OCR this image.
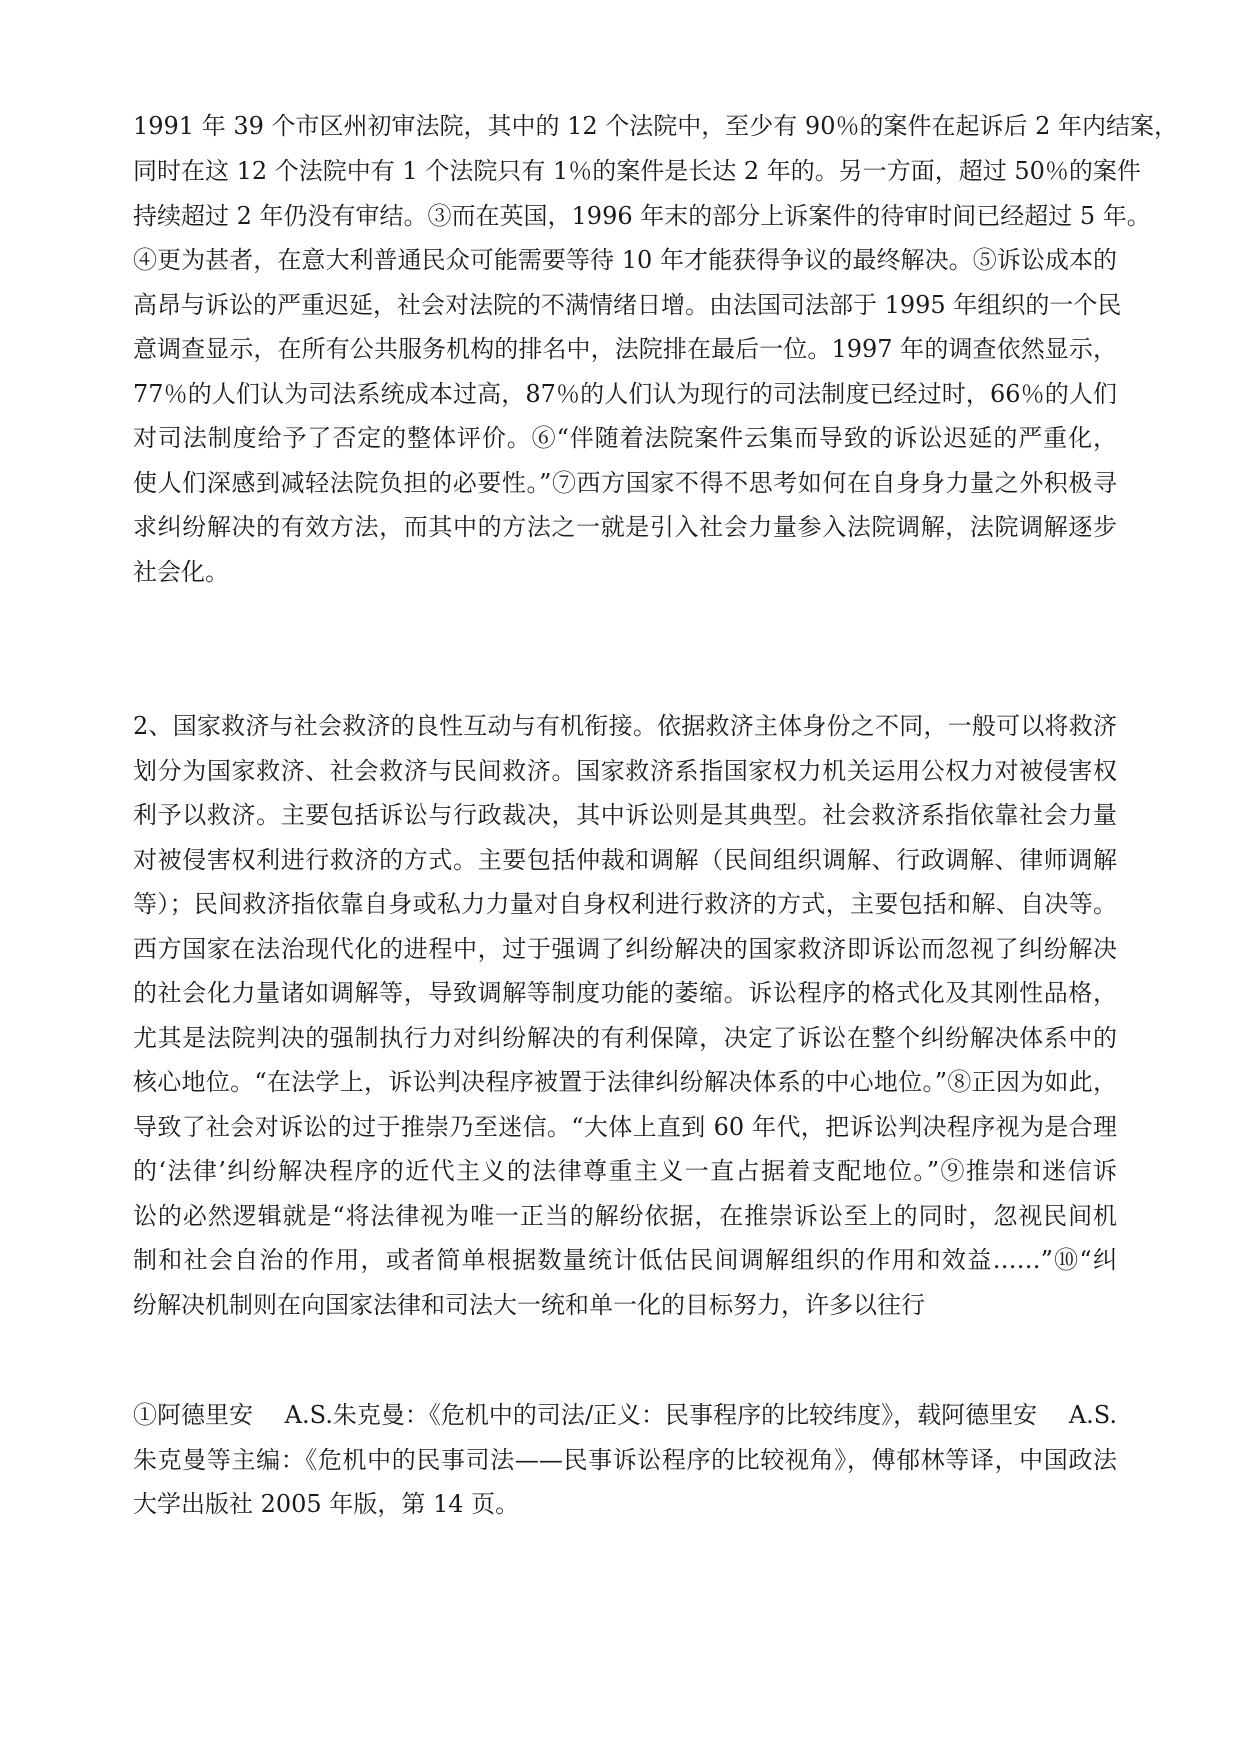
1991 年 39 个市区州初审法院，其中的 12 个法院中，至少有 90％的案件在起诉后 2 年内结案，
同时在这 12 个法院中有 1 个法院只有 1％的案件是长达 2 年的。另一方面，超过 50％的案件
持续超过 2 年仍没有审结。③而在英国，1996 年末的部分上诉案件的待审时间已经超过 5 年。
④更为甚者，在意大利普通民众可能需要等待 10 年才能获得争议的最终解决。⑤诉讼成本的
高昂与诉讼的严重迟延，社会对法院的不满情绪日增。由法国司法部于 1995 年组织的一个民
意调查显示，在所有公共服务机构的排名中，法院排在最后一位。1997 年的调查依然显示，
77％的人们认为司法系统成本过高，87％的人们认为现行的司法制度已经过时，66％的人们
对司法制度给予了否定的整体评价。⑥“伴随着法院案件云集而导致的诉讼迟延的严重化，
使人们深感到减轻法院负担的必要性。”⑦西方国家不得不思考如何在自身身力量之外积极寻
求纠纷解决的有效方法，而其中的方法之一就是引入社会力量参入法院调解，法院调解逐步
社会化。
2、国家救济与社会救济的良性互动与有机衔接。依据救济主体身份之不同，一般可以将救济
划分为国家救济、社会救济与民间救济。国家救济系指国家权力机关运用公权力对被侵害权
利予以救济。主要包括诉讼与行政裁决，其中诉讼则是其典型。社会救济系指依靠社会力量
对被侵害权利进行救济的方式。主要包括仲裁和调解（民间组织调解、行政调解、律师调解
等）；民间救济指依靠自身或私力力量对自身权利进行救济的方式，主要包括和解、自决等。
西方国家在法治现代化的进程中，过于强调了纠纷解决的国家救济即诉讼而忽视了纠纷解决
的社会化力量诸如调解等，导致调解等制度功能的萎缩。诉讼程序的格式化及其刚性品格，
尤其是法院判决的强制执行力对纠纷解决的有利保障，决定了诉讼在整个纠纷解决体系中的
核心地位。“在法学上，诉讼判决程序被置于法律纠纷解决体系的中心地位。”⑧正因为如此，
导致了社会对诉讼的过于推崇乃至迷信。“大体上直到 60 年代，把诉讼判决程序视为是合理
的‘法律’纠纷解决程序的近代主义的法律尊重主义一直占据着支配地位。”⑨推崇和迷信诉
讼的必然逻辑就是“将法律视为唯一正当的解纷依据，在推崇诉讼至上的同时，忽视民间机
制和社会自治的作用，或者简单根据数量统计低估民间调解组织的作用和效益……”⑩“纠
纷解决机制则在向国家法律和司法大一统和单一化的目标努力，许多以往行
①阿德里安　 A.S.朱克曼：《危机中的司法/正义：民事程序的比较纬度》，载阿德里安　 A.S.
朱克曼等主编：《危机中的民事司法——民事诉讼程序的比较视角》，傅郁林等译，中国政法
大学出版社 2005 年版，第 14 页。
